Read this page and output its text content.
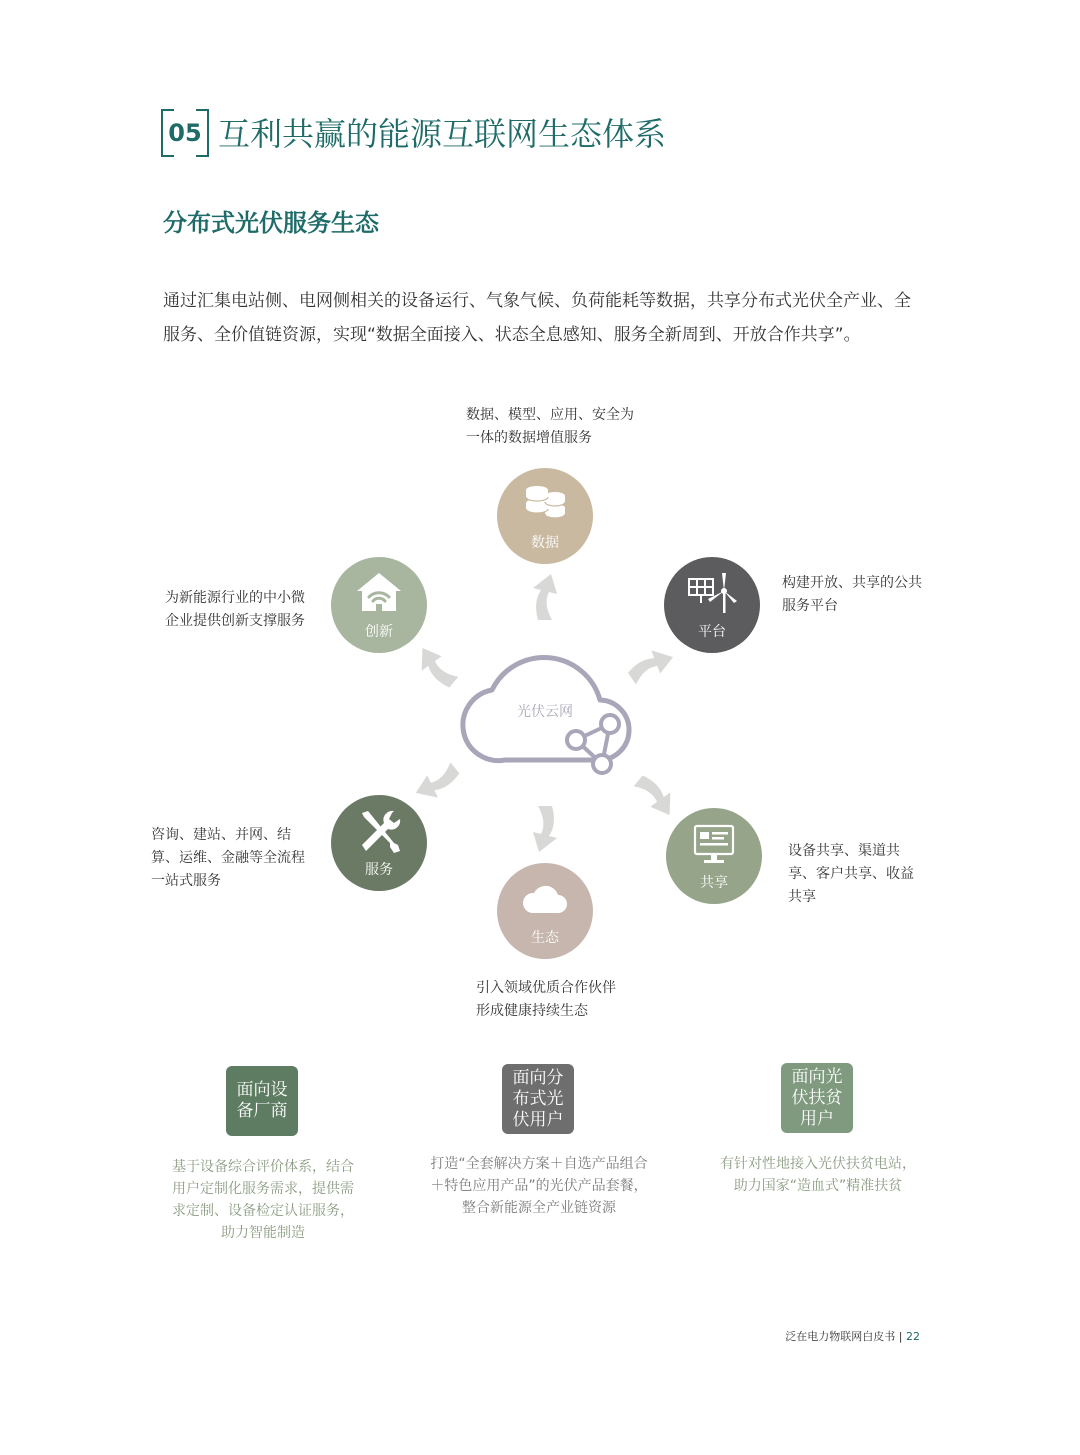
05 互利共赢的能源互联网生态体系
分布式光伏服务生态

通过汇集电站侧、电网侧相关的设备运行、气象气候、负荷能耗等数据，共享分布式光伏全产业、全服务、全价值链资源，实现“数据全面接入、状态全息感知、服务全新周到、开放合作共享”。

光伏云网
数据
平台
共享
生态
服务
创新

数据、模型、应用、安全为一体的数据增值服务

构建开放、共享的公共服务平台

设备共享、渠道共享、客户共享、收益共享

引入领域优质合作伙伴形成健康持续生态

咨询、建站、并网、结算、运维、金融等全流程一站式服务

为新能源行业的中小微企业提供创新支撑服务

面向设备厂商

基于设备综合评价体系，结合用户定制化服务需求，提供需求定制、设备检定认证服务，助力智能制造

面向分布式光伏用户

打造“全套解决方案＋自选产品组合＋特色应用产品”的光伏产品套餐，整合新能源全产业链资源

面向光伏扶贫用户

有针对性地接入光伏扶贫电站，助力国家“造血式”精准扶贫

泛在电力物联网白皮书 | 22
